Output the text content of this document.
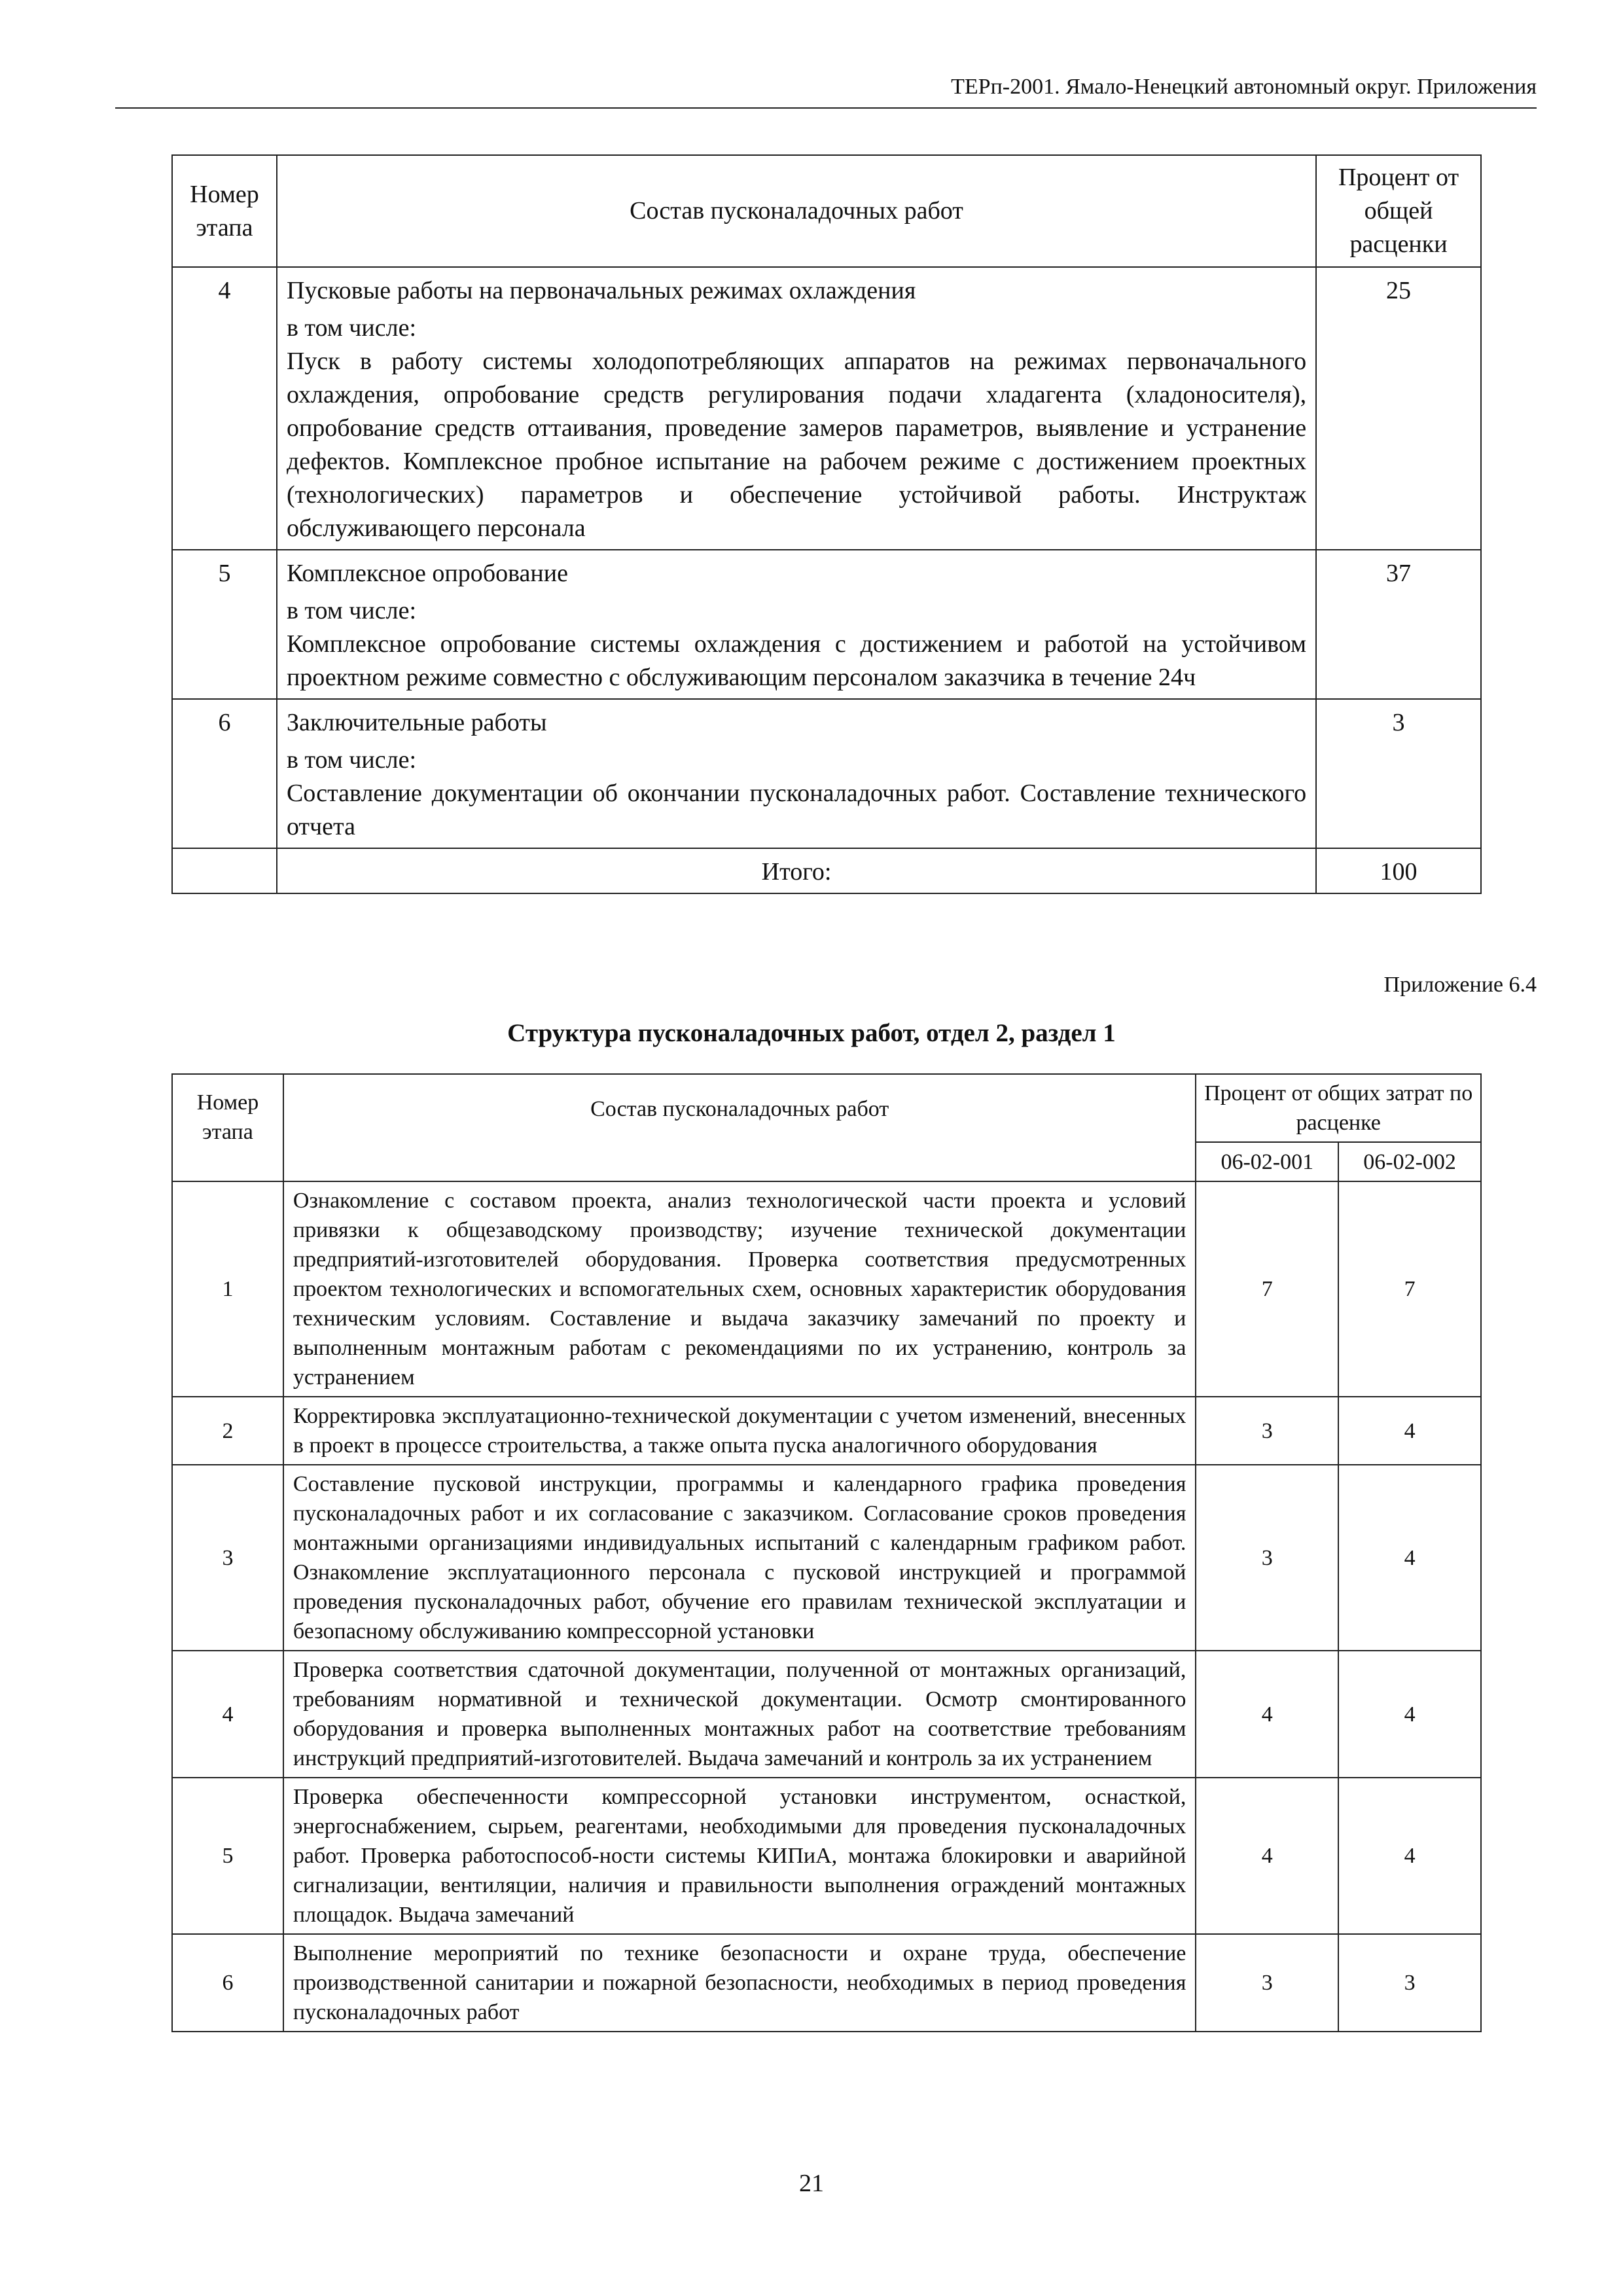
ТЕРп-2001. Ямало-Ненецкий автономный округ. Приложения
Номер этапа	Состав пусконаладочных работ	Процент от общей расценки
4	Пусковые работы на первоначальных режимах охлаждения
в том числе:
Пуск в работу системы холодопотребляющих аппаратов на режимах первоначального охлаждения, опробование средств регулирования подачи хладагента (хладоносителя), опробование средств оттаивания, проведение замеров параметров, выявление и устранение дефектов. Комплексное пробное испытание на рабочем режиме с достижением проектных (технологических) параметров и обеспечение устойчивой работы. Инструктаж обслуживающего персонала	25
5	Комплексное опробование
в том числе:
Комплексное опробование системы охлаждения с достижением и работой на устойчивом проектном режиме совместно с обслуживающим персоналом заказчика в течение 24ч	37
6	Заключительные работы
в том числе:
Составление документации об окончании пусконаладочных работ. Составление технического отчета	3
	Итого:	100
Приложение 6.4
Структура пусконаладочных работ, отдел 2, раздел 1
Номер этапа	Состав пусконаладочных работ	Процент от общих затрат по расценке	
		06-02-001	06-02-002
1	Ознакомление с составом проекта, анализ технологической части проекта и условий привязки к общезаводскому производству; изучение технической документации предприятий-изготовителей оборудования. Проверка соответствия предусмотренных проектом технологических и вспомогательных схем, основных характеристик оборудования техническим условиям. Составление и выдача заказчику замечаний по проекту и выполненным монтажным работам с рекомендациями по их устранению, контроль за устранением	7	7
2	Корректировка эксплуатационно-технической документации с учетом изменений, внесенных в проект в процессе строительства, а также опыта пуска аналогичного оборудования	3	4
3	Составление пусковой инструкции, программы и календарного графика проведения пусконаладочных работ и их согласование с заказчиком. Согласование сроков проведения монтажными организациями индивидуальных испытаний с календарным графиком работ. Ознакомление эксплуатационного персонала с пусковой инструкцией и программой проведения пусконаладочных работ, обучение его правилам технической эксплуатации и безопасному обслуживанию компрессорной установки	3	4
4	Проверка соответствия сдаточной документации, полученной от монтажных организаций, требованиям нормативной и технической документации. Осмотр смонтированного оборудования и проверка выполненных монтажных работ на соответствие требованиям инструкций предприятий-изготовителей. Выдача замечаний и контроль за их устранением	4	4
5	Проверка обеспеченности компрессорной установки инструментом, оснасткой, энергоснабжением, сырьем, реагентами, необходимыми для проведения пусконаладочных работ. Проверка работоспособ-ности системы КИПиА, монтажа блокировки и аварийной сигнализации, вентиляции, наличия и правильности выполнения ограждений монтажных площадок. Выдача замечаний	4	4
6	Выполнение мероприятий по технике безопасности и охране труда, обеспечение производственной санитарии и пожарной безопасности, необходимых в период проведения пусконаладочных работ	3	3
21
